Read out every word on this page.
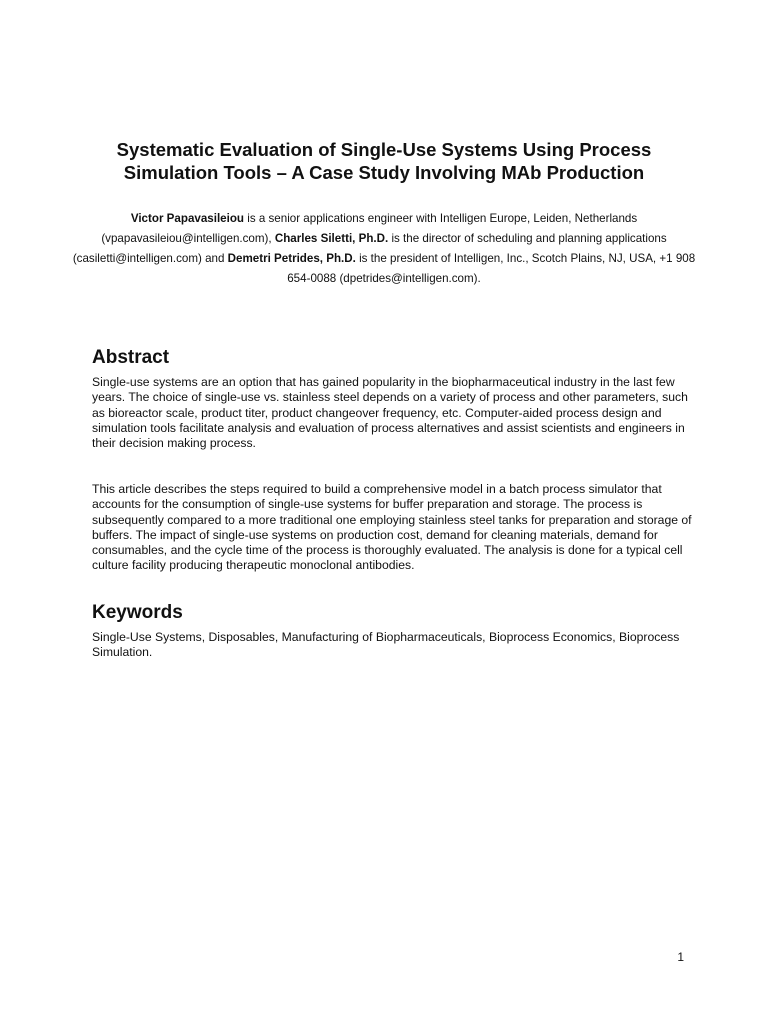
Systematic Evaluation of Single-Use Systems Using Process Simulation Tools – A Case Study Involving MAb Production
Victor Papavasileiou is a senior applications engineer with Intelligen Europe, Leiden, Netherlands (vpapavasileiou@intelligen.com), Charles Siletti, Ph.D. is the director of scheduling and planning applications (casiletti@intelligen.com) and Demetri Petrides, Ph.D. is the president of Intelligen, Inc., Scotch Plains, NJ, USA, +1 908 654-0088 (dpetrides@intelligen.com).
Abstract

Single-use systems are an option that has gained popularity in the biopharmaceutical industry in the last few years. The choice of single-use vs. stainless steel depends on a variety of process and other parameters, such as bioreactor scale, product titer, product changeover frequency, etc. Computer-aided process design and simulation tools facilitate analysis and evaluation of process alternatives and assist scientists and engineers in their decision making process.

This article describes the steps required to build a comprehensive model in a batch process simulator that accounts for the consumption of single-use systems for buffer preparation and storage. The process is subsequently compared to a more traditional one employing stainless steel tanks for preparation and storage of buffers. The impact of single-use systems on production cost, demand for cleaning materials, demand for consumables, and the cycle time of the process is thoroughly evaluated. The analysis is done for a typical cell culture facility producing therapeutic monoclonal antibodies.

Keywords

Single-Use Systems, Disposables, Manufacturing of Biopharmaceuticals, Bioprocess Economics, Bioprocess Simulation.

1
